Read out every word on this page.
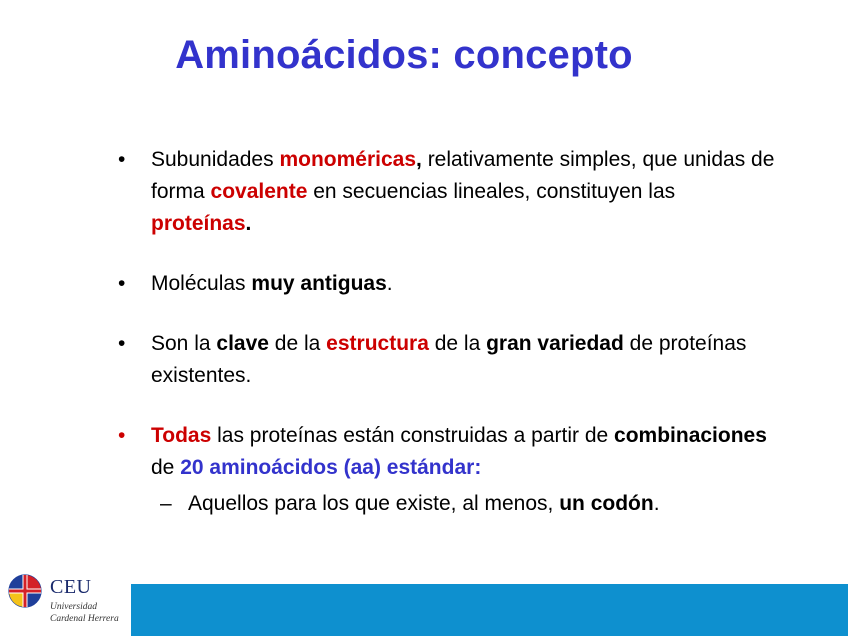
Aminoácidos: concepto

•	Subunidades monoméricas, relativamente simples, que unidas de forma covalente en secuencias lineales, constituyen las proteínas.

•	Moléculas muy antiguas.

•	Son la clave de la estructura de la gran variedad de proteínas existentes.

•	Todas las proteínas están construidas a partir de combinaciones de 20 aminoácidos (aa) estándar:

– Aquellos para los que existe, al menos, un codón.

CEU
Universidad
Cardenal Herrera
